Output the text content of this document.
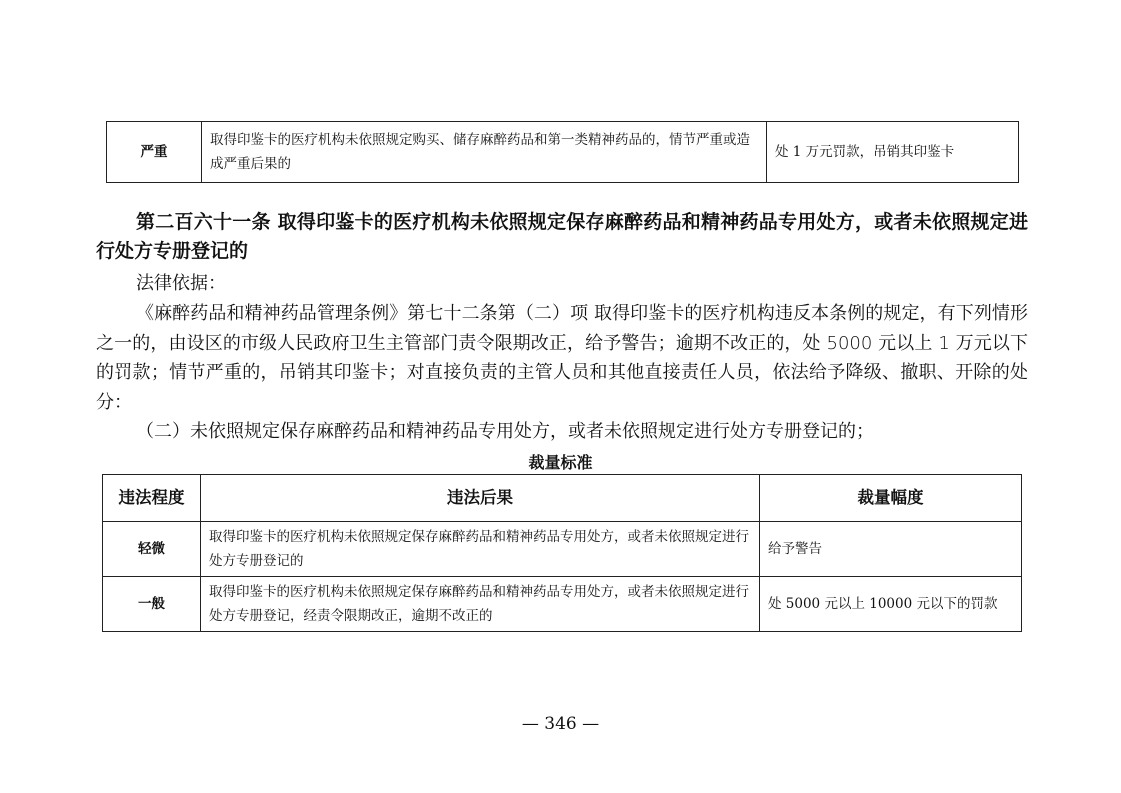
严重	取得印鉴卡的医疗机构未依照规定购买、储存麻醉药品和第一类精神药品的，情节严重或造成严重后果的	处 1 万元罚款，吊销其印鉴卡

第二百六十一条 取得印鉴卡的医疗机构未依照规定保存麻醉药品和精神药品专用处方，或者未依照规定进行处方专册登记的

法律依据：

《麻醉药品和精神药品管理条例》第七十二条第（二）项 取得印鉴卡的医疗机构违反本条例的规定，有下列情形之一的，由设区的市级人民政府卫生主管部门责令限期改正，给予警告；逾期不改正的，处 5000 元以上 1 万元以下的罚款；情节严重的，吊销其印鉴卡；对直接负责的主管人员和其他直接责任人员，依法给予降级、撤职、开除的处分：

（二）未依照规定保存麻醉药品和精神药品专用处方，或者未依照规定进行处方专册登记的；

裁量标准
违法程度	违法后果	裁量幅度
轻微	取得印鉴卡的医疗机构未依照规定保存麻醉药品和精神药品专用处方，或者未依照规定进行处方专册登记的	给予警告
一般	取得印鉴卡的医疗机构未依照规定保存麻醉药品和精神药品专用处方，或者未依照规定进行处方专册登记，经责令限期改正，逾期不改正的	处 5000 元以上 10000 元以下的罚款
— 346 —
